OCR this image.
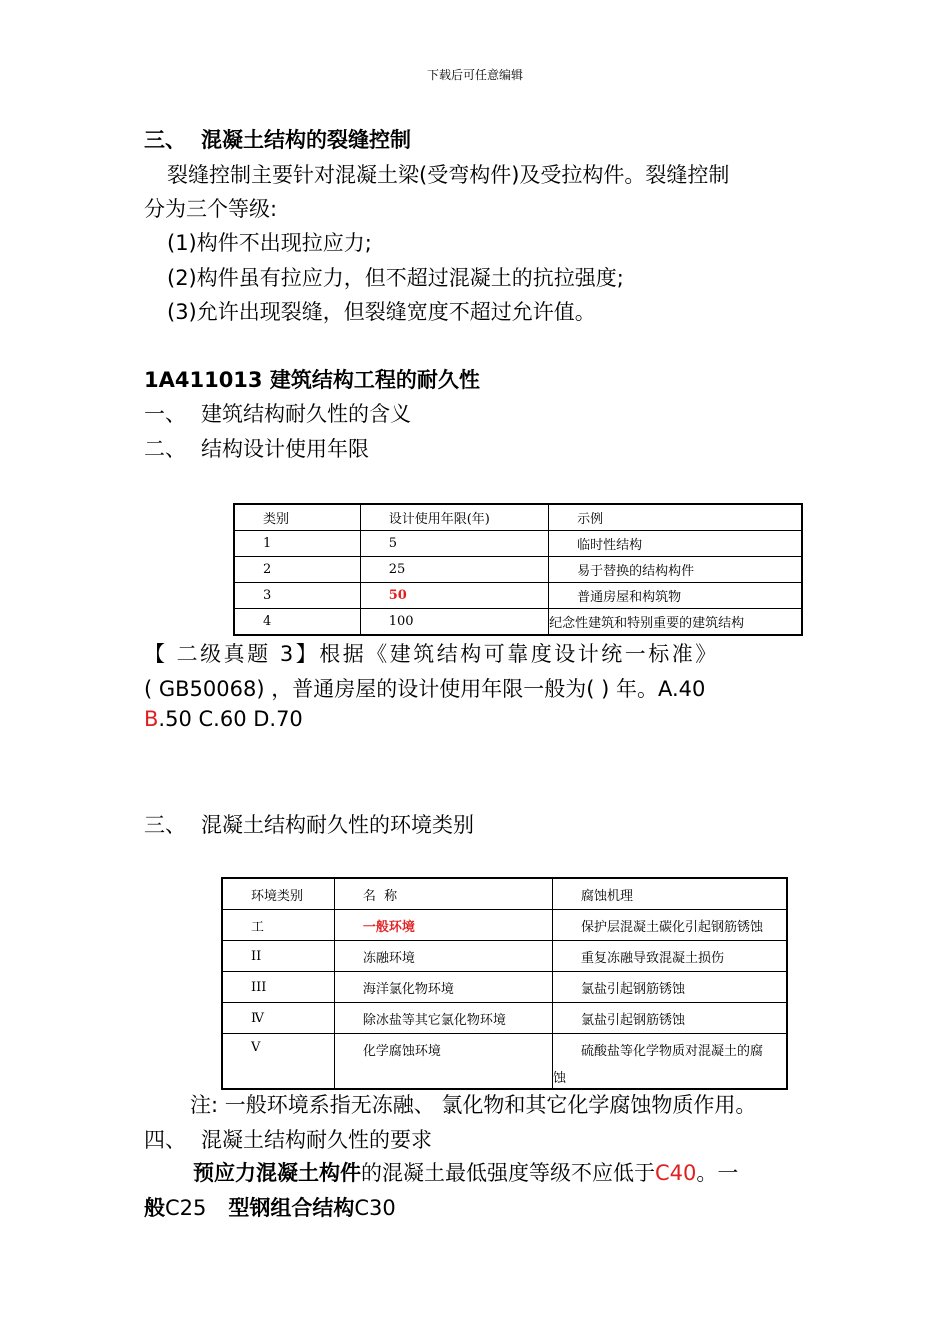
下载后可任意编辑
三、 混凝土结构的裂缝控制
裂缝控制主要针对混凝土梁(受弯构件)及受拉构件。裂缝控制
分为三个等级:
(1)构件不出现拉应力;
(2)构件虽有拉应力，但不超过混凝土的抗拉强度;
(3)允许出现裂缝，但裂缝宽度不超过允许值。
1A411013 建筑结构工程的耐久性
一、 建筑结构耐久性的含义
二、 结构设计使用年限
类别	设计使用年限(年)	示例
1	5	临时性结构
2	25	易于替换的结构构件
3	50	普通房屋和构筑物
4	100	纪念性建筑和特别重要的建筑结构
【 二级真题 3】根据《建筑结构可靠度设计统一标准》
( GB50068) ，普通房屋的设计使用年限一般为( ) 年。A.40
B.50 C.60 D.70
三、 混凝土结构耐久性的环境类别
环境类别	名  称	腐蚀机理
工	一般环境	保护层混凝土碳化引起钢筋锈蚀
II	冻融环境	重复冻融导致混凝土损伤
III	海洋氯化物环境	氯盐引起钢筋锈蚀
Ⅳ	除冰盐等其它氯化物环境	氯盐引起钢筋锈蚀
V	化学腐蚀环境	硫酸盐等化学物质对混凝土的腐
蚀
注: 一般环境系指无冻融、 氯化物和其它化学腐蚀物质作用。
四、 混凝土结构耐久性的要求
预应力混凝土构件的混凝土最低强度等级不应低于C40。一
般C25 型钢组合结构C30
